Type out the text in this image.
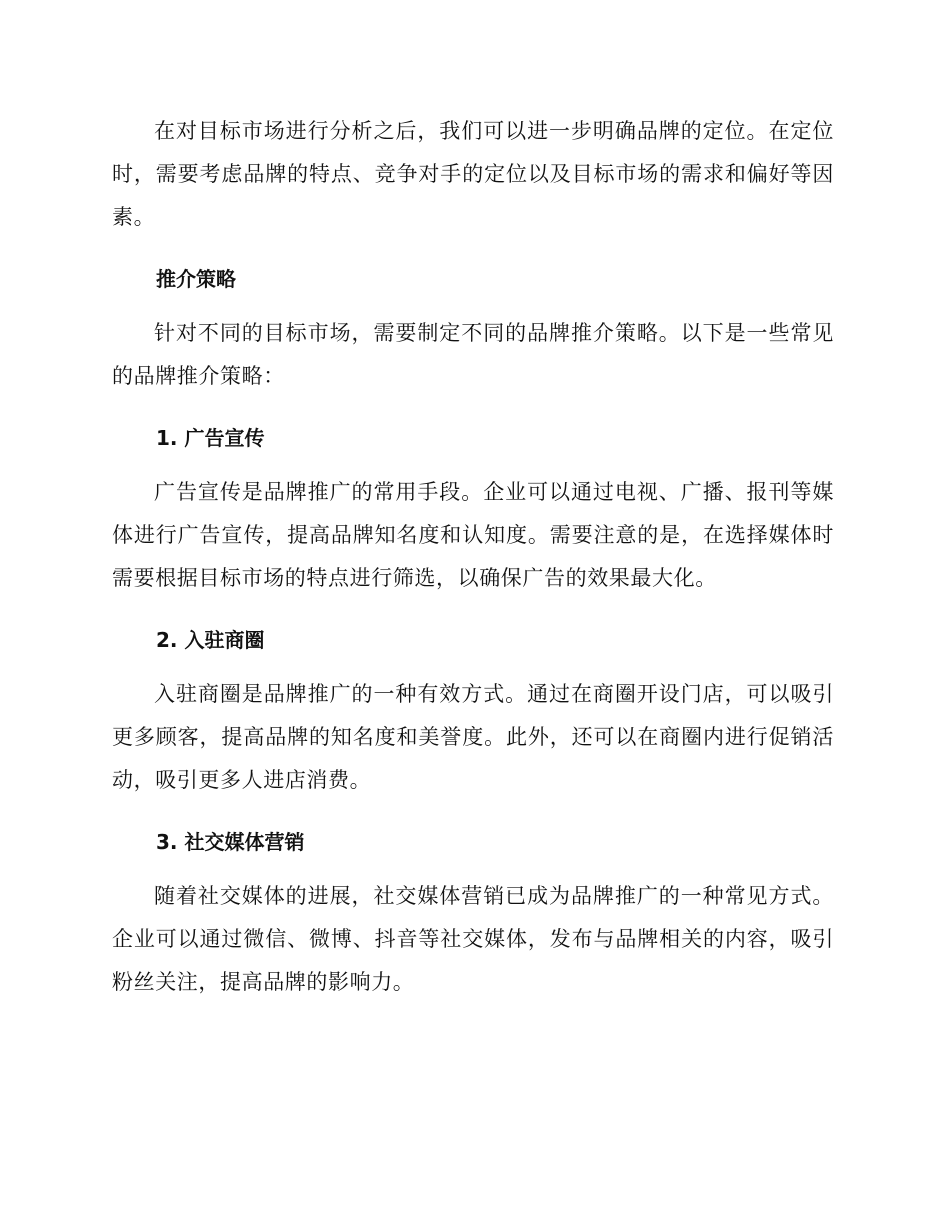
在对目标市场进行分析之后，我们可以进一步明确品牌的定位。在定位时，需要考虑品牌的特点、竞争对手的定位以及目标市场的需求和偏好等因素。

推介策略

针对不同的目标市场，需要制定不同的品牌推介策略。以下是一些常见的品牌推介策略：

1. 广告宣传

广告宣传是品牌推广的常用手段。企业可以通过电视、广播、报刊等媒体进行广告宣传，提高品牌知名度和认知度。需要注意的是，在选择媒体时需要根据目标市场的特点进行筛选，以确保广告的效果最大化。

2. 入驻商圈

入驻商圈是品牌推广的一种有效方式。通过在商圈开设门店，可以吸引更多顾客，提高品牌的知名度和美誉度。此外，还可以在商圈内进行促销活动，吸引更多人进店消费。

3. 社交媒体营销

随着社交媒体的进展，社交媒体营销已成为品牌推广的一种常见方式。企业可以通过微信、微博、抖音等社交媒体，发布与品牌相关的内容，吸引粉丝关注，提高品牌的影响力。
